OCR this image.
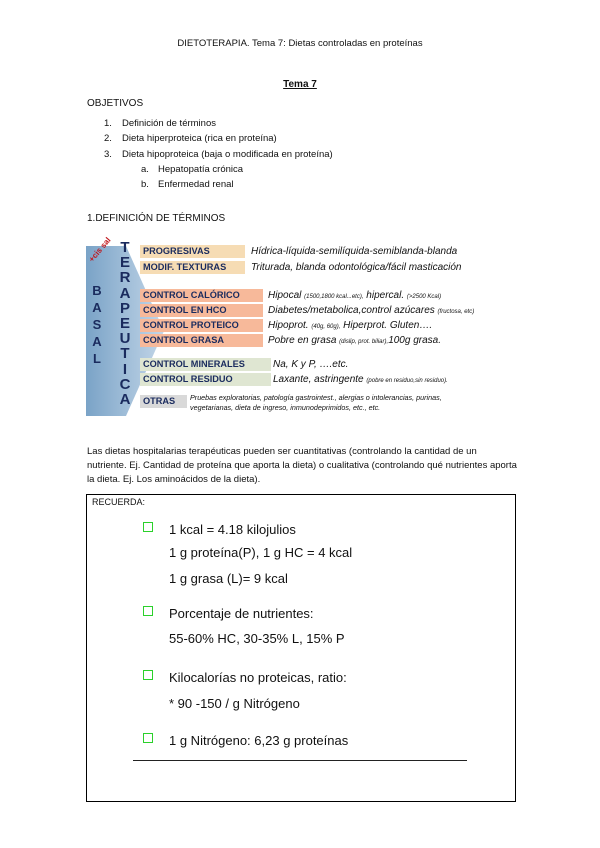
DIETOTERAPIA. Tema 7: Dietas controladas en proteínas
Tema 7
OBJETIVOS
1. Definición de términos
2. Dieta hiperproteica (rica en proteína)
3. Dieta hipoproteica (baja o modificada en proteína)
a. Hepatopatía crónica
b. Enfermedad renal
1.DEFINICIÓN DE TÉRMINOS
+cis sal
B
A
S
A
L
T
E
R
A
P
E
U
T
I
C
A
PROGRESIVAS	Hídrica-líquida-semilíquida-semiblanda-blanda
MODIF. TEXTURAS	Triturada, blanda odontológica/fácil masticación
CONTROL CALÓRICO	Hipocal (1500,1800 kcal...etc), hipercal. (>2500 Kcal)
CONTROL EN HCO	Diabetes/metabolica,control azúcares (fructosa, etc)
CONTROL PROTEICO	Hipoprot. (40g, 60g), Hiperprot. Gluten….
CONTROL GRASA	Pobre en grasa (dislip, prot. biliar),100g grasa.
CONTROL MINERALES	Na, K y P, ….etc.
CONTROL RESIDUO	Laxante, astringente (pobre en residuo,sin residuo).
OTRAS	Pruebas exploratorias, patología gastrointest., alergias o intolerancias, purinas,
vegetarianas, dieta de ingreso, inmunodeprimidos, etc., etc.
Las dietas hospitalarias terapéuticas pueden ser cuantitativas (controlando la cantidad de un nutriente. Ej. Cantidad de proteína que aporta la dieta) o cualitativa (controlando qué nutrientes aporta la dieta. Ej. Los aminoácidos de la dieta).
RECUERDA:
1 kcal = 4.18 kilojulios
1 g proteína(P), 1 g HC = 4 kcal
1 g grasa (L)= 9 kcal
Porcentaje de nutrientes:
55-60% HC, 30-35% L, 15% P
Kilocalorías no proteicas, ratio:
* 90 -150 / g Nitrógeno
1 g Nitrógeno: 6,23 g proteínas
